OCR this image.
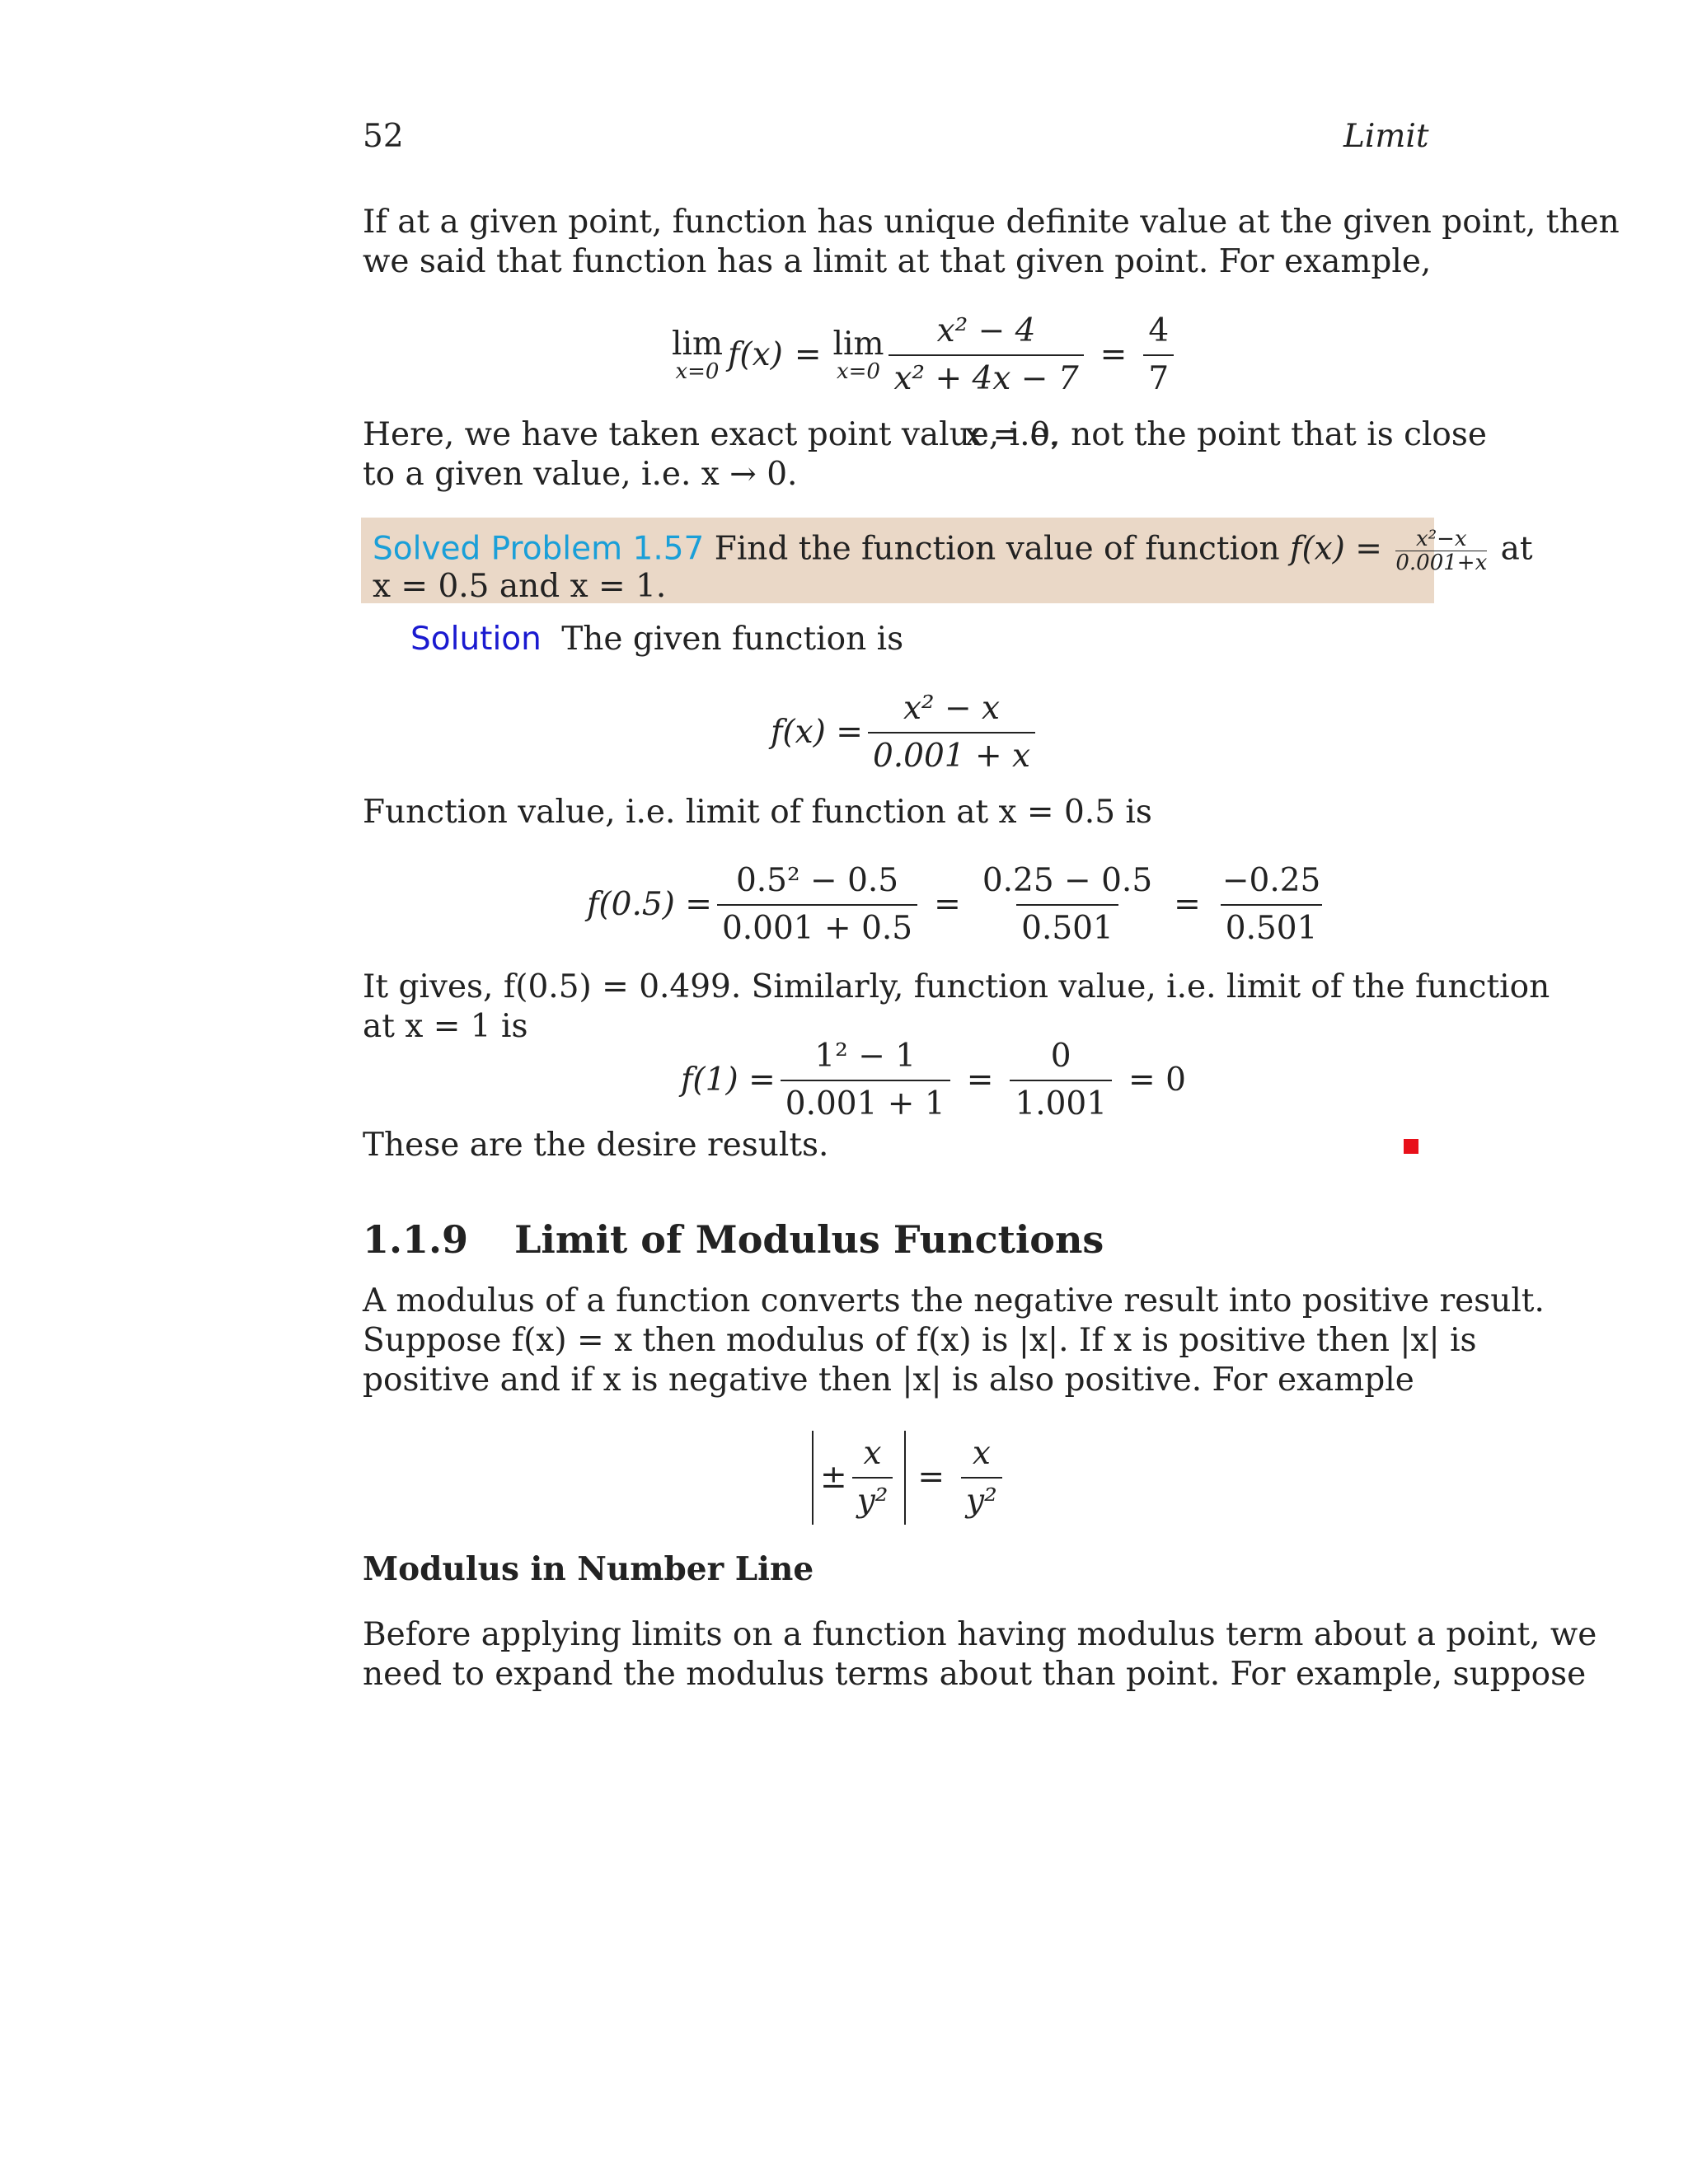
52	Limit
If at a given point, function has unique definite value at the given point, then
we said that function has a limit at that given point. For example,
lim
x=0 f(x) = lim
$x=0 \frac{\text{x² − 4}}{\text{x² + 4x − 7}} = \frac{4}{7}$
Here, we have taken exact point value, i.e.
x = 0, not the point that is close
to a given value, i.e. x → 0.
Solved Problem 1.57 Find the function value of function $f(x) = \frac{\text{x²−x}}{0.001+x}$ at
x = 0.5 and x = 1.
Solution The given function is
$f(x) = \frac{\text{x² − x}}{0.001 + x}$
Function value, i.e. limit of function at x = 0.5 is
$f(0.5) = \frac{\text{0.5² − 0.5}}{0.001 + 0.5} = \frac{0.25 - 0.5}{0.501} = \frac{-0.25}{0.501}$
It gives, f(0.5) = 0.499. Similarly, function value, i.e. limit of the function
at x = 1 is
$f(1) = \frac{\text{1² − 1}}{0.001 + 1} = \frac{0}{1.001} = 0$
These are the desire results.
1.1.9 Limit of Modulus Functions
A modulus of a function converts the negative result into positive result.
Suppose f(x) = x then modulus of f(x) is |x|. If x is positive then |x| is
positive and if x is negative then |x| is also positive. For example
± $\frac{x}{\text{y²}} = \frac{x}{\text{y²}}$
Modulus in Number Line
Before applying limits on a function having modulus term about a point, we
need to expand the modulus terms about than point. For example, suppose
